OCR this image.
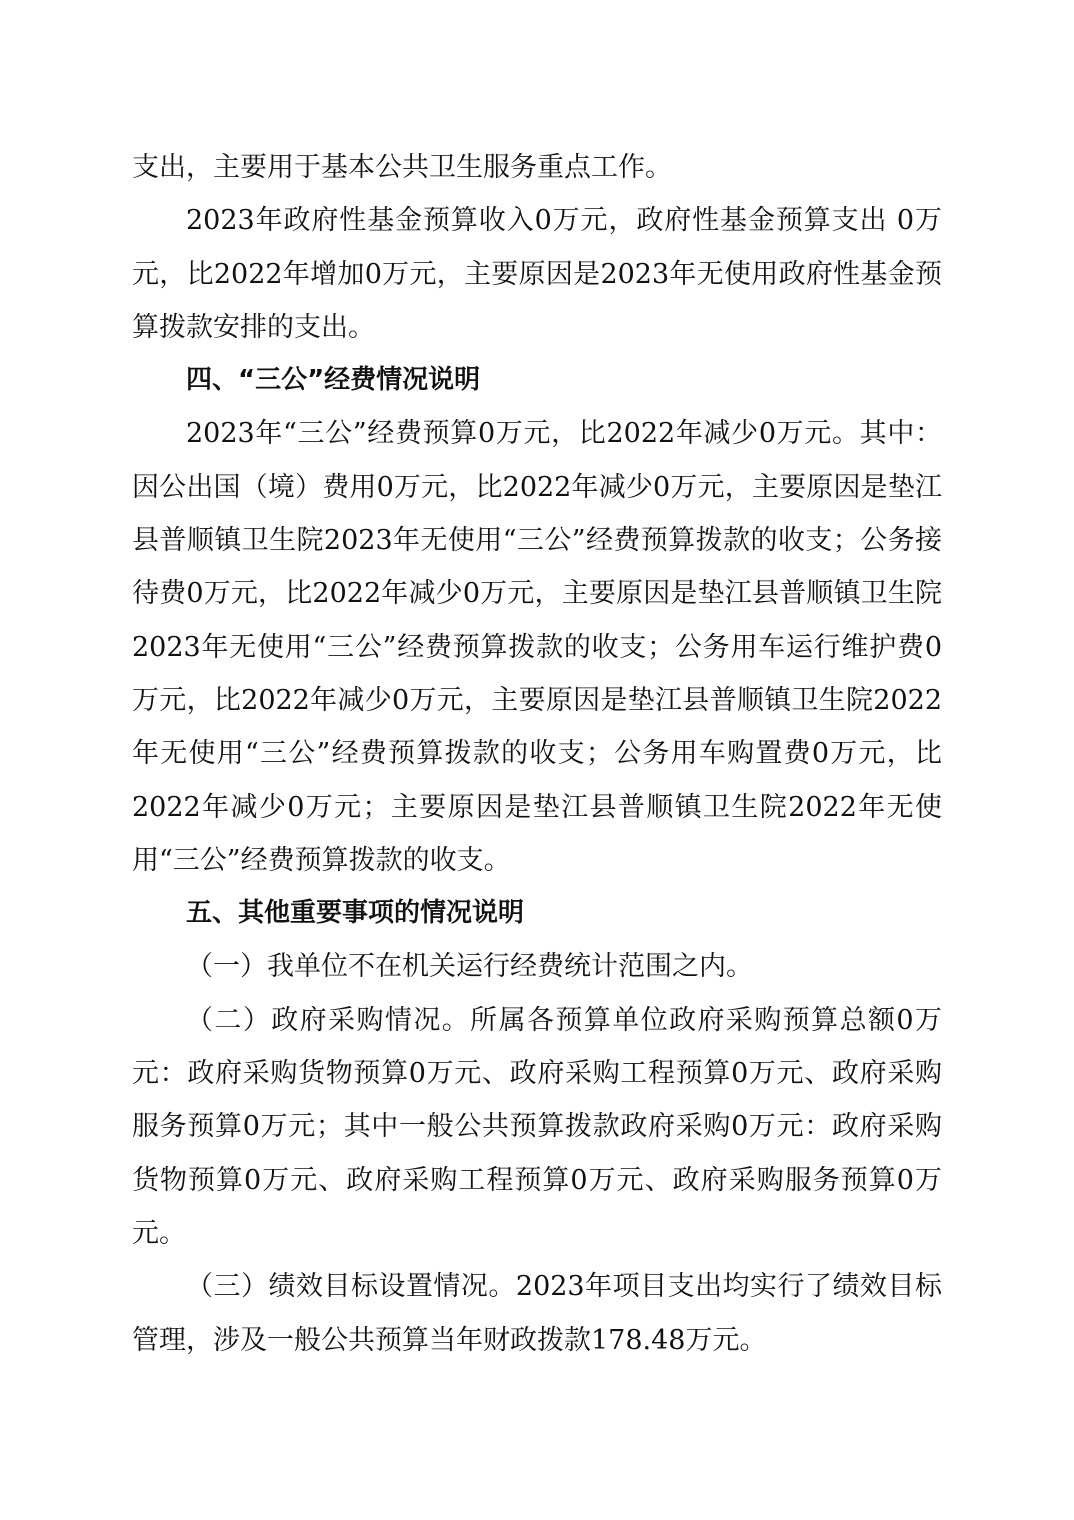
支出，主要用于基本公共卫生服务重点工作。

2023年政府性基金预算收入0万元，政府性基金预算支出 0万元，比2022年增加0万元，主要原因是2023年无使用政府性基金预算拨款安排的支出。

四、“三公”经费情况说明

2023年“三公”经费预算0万元，比2022年减少0万元。其中：因公出国（境）费用0万元，比2022年减少0万元，主要原因是垫江县普顺镇卫生院2023年无使用“三公”经费预算拨款的收支；公务接待费0万元，比2022年减少0万元，主要原因是垫江县普顺镇卫生院2023年无使用“三公”经费预算拨款的收支；公务用车运行维护费0万元，比2022年减少0万元，主要原因是垫江县普顺镇卫生院2022年无使用“三公”经费预算拨款的收支；公务用车购置费0万元，比2022年减少0万元；主要原因是垫江县普顺镇卫生院2022年无使用“三公”经费预算拨款的收支。

五、其他重要事项的情况说明

（一）我单位不在机关运行经费统计范围之内。

（二）政府采购情况。所属各预算单位政府采购预算总额0万元：政府采购货物预算0万元、政府采购工程预算0万元、政府采购服务预算0万元；其中一般公共预算拨款政府采购0万元：政府采购货物预算0万元、政府采购工程预算0万元、政府采购服务预算0万元。

（三）绩效目标设置情况。2023年项目支出均实行了绩效目标管理，涉及一般公共预算当年财政拨款178.48万元。
